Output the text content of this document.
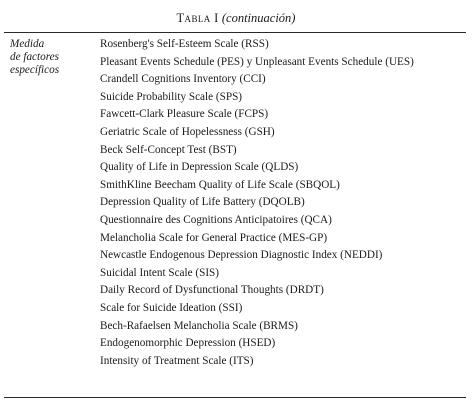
Tabla I (continuación)
Medida
de factores
específicos
Rosenberg's Self-Esteem Scale (RSS)
Pleasant Events Schedule (PES) y Unpleasant Events Schedule (UES)
Crandell Cognitions Inventory (CCI)
Suicide Probability Scale (SPS)
Fawcett-Clark Pleasure Scale (FCPS)
Geriatric Scale of Hopelessness (GSH)
Beck Self-Concept Test (BST)
Quality of Life in Depression Scale (QLDS)
SmithKline Beecham Quality of Life Scale (SBQOL)
Depression Quality of Life Battery (DQOLB)
Questionnaire des Cognitions Anticipatoires (QCA)
Melancholia Scale for General Practice (MES-GP)
Newcastle Endogenous Depression Diagnostic Index (NEDDI)
Suicidal Intent Scale (SIS)
Daily Record of Dysfunctional Thoughts (DRDT)
Scale for Suicide Ideation (SSI)
Bech-Rafaelsen Melancholia Scale (BRMS)
Endogenomorphic Depression (HSED)
Intensity of Treatment Scale (ITS)
